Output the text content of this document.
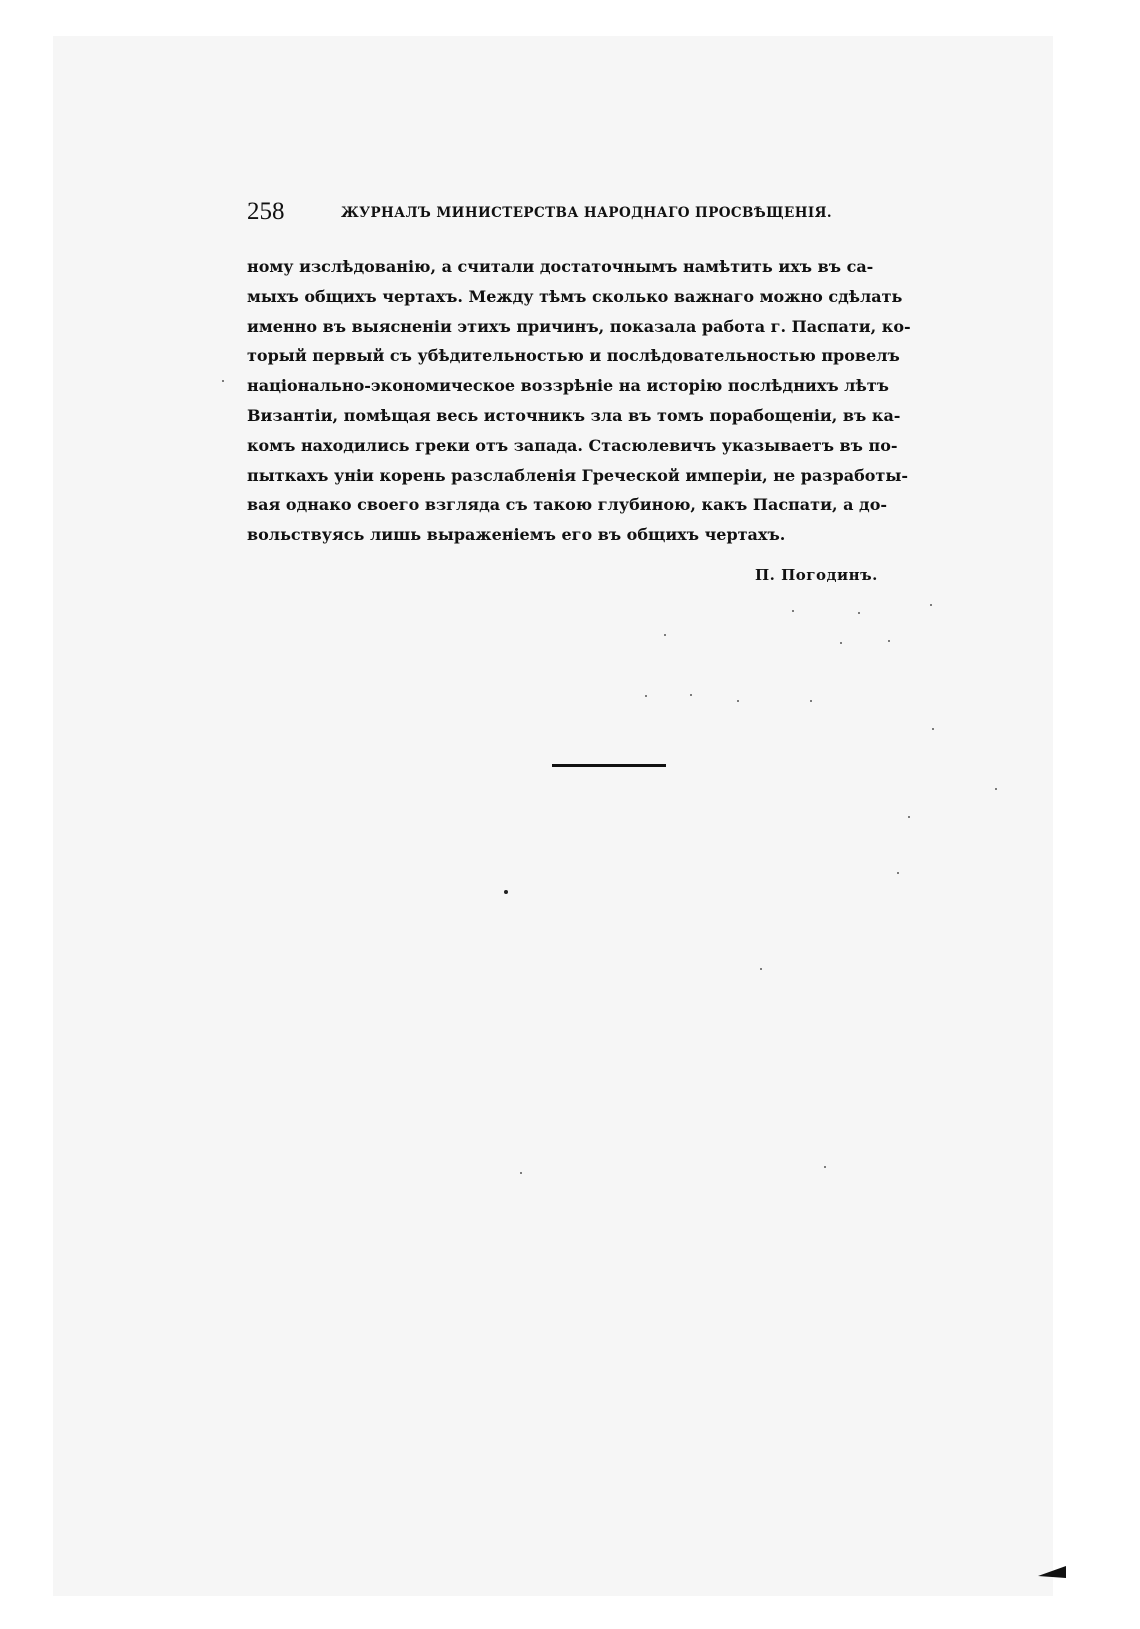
258	ЖУРНАЛЪ МИНИСТЕРСТВА НАРОДНАГО ПРОСВѢЩЕНІЯ.

ному изслѣдованію, а считали достаточнымъ намѣтить ихъ въ са-
мыхъ общихъ чертахъ. Между тѣмъ сколько важнаго можно сдѣлать
именно въ выясненіи этихъ причинъ, показала работа г. Паспати, ко-
торый первый съ убѣдительностью и послѣдовательностью провелъ
національно-экономическое воззрѣніе на исторію послѣднихъ лѣтъ
Византіи, помѣщая весь источникъ зла въ томъ порабощеніи, въ ка-
комъ находились греки отъ запада. Стасюлевичъ указываетъ въ по-
пыткахъ уніи корень разслабленія Греческой имперіи, не разработы-
вая однако своего взгляда съ такою глубиною, какъ Паспати, а до-
вольствуясь лишь выраженіемъ его въ общихъ чертахъ.

П. Погодинъ.
